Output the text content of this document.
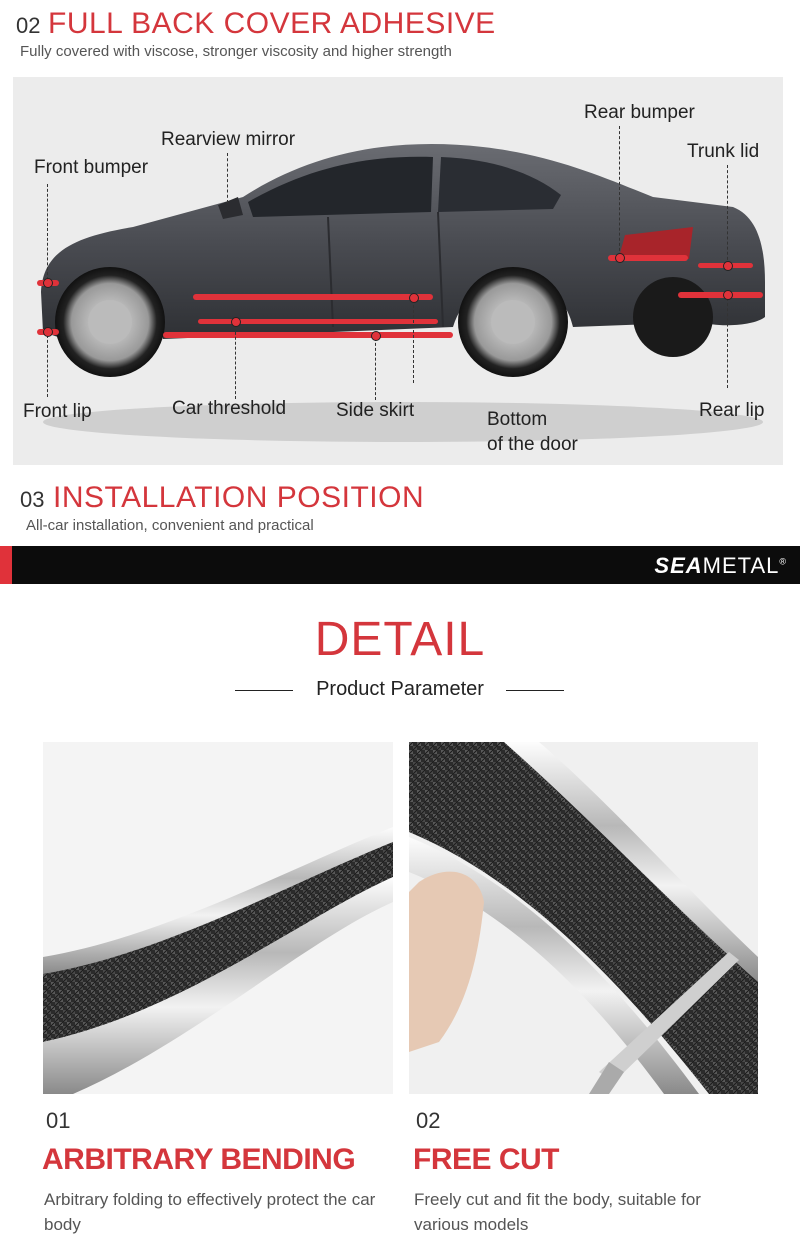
02 FULL BACK COVER ADHESIVE
Fully covered with viscose, stronger viscosity and higher strength
Front bumper
Rearview mirror
Rear bumper
Trunk lid
Front lip	Car threshold	Side skirt	Bottom
of the door
Rear lip
03 INSTALLATION POSITION
All-car installation, convenient and practical
SEAMETAL®
DETAIL
Product Parameter
01
ARBITRARY BENDING
Arbitrary folding to effectively protect the car body
02
FREE CUT
Freely cut and fit the body, suitable for various models
